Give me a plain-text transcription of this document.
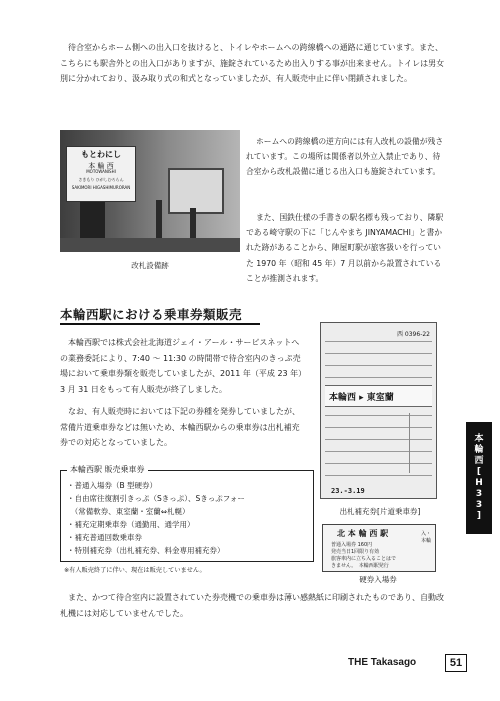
待合室からホーム側への出入口を抜けると、トイレやホームへの跨線橋への通路に通じています。また、こちらにも駅舎外との出入口がありますが、施錠されているため出入りする事が出来ません。トイレは男女別に分かれており、汲み取り式の和式となっていましたが、有人販売中止に伴い閉鎖されました。

もとわにし
本 輪 西
MOTOWANISHI
さきもり ひがしむろらん
SAKIMORI HIGASHIMURORAN
改札設備跡

ホームへの跨線橋の逆方向には有人改札の設備が残されています。この場所は関係者以外立入禁止であり、待合室から改札設備に通じる出入口も施錠されています。

また、国鉄仕様の手書きの駅名標も残っており、隣駅である崎守駅の下に「じんやまち JINYAMACHI」と書かれた跡があることから、陣屋町駅が旅客扱いを行っていた 1970 年（昭和 45 年）7 月以前から設置されていることが推測されます。

本輪西駅における乗車券類販売

本輪西駅では株式会社北海道ジェイ・アール・サービスネットへの業務委託により、7:40 〜 11:30 の時間帯で待合室内のきっぷ売場において乗車券類を販売していましたが、2011 年（平成 23 年）3 月 31 日をもって有人販売が終了しました。

なお、有人販売時においては下記の券種を発券していましたが、常備片道乗車券などは無いため、本輪西駅からの乗車券は出札補充券での対応となっていました。

本輪西駅 販売乗車券
・普通入場券（B 型硬券）
・自由席往復割引きっぷ（Sきっぷ）、Sきっぷフォー
　（常備軟券、東室蘭・室蘭⇔札幌）
・補充定期乗車券（通勤用、通学用）
・補充普通回数乗車券
・特別補充券（出札補充券、料金専用補充券）
※有人販売終了に伴い、現在は販売していません。

また、かつて待合室内に設置されていた券売機での乗車券は薄い感熱紙に印刷されたものであり、自動改札機には対応していませんでした。

西 0396-22
本輪西 ▸ 東室蘭
23.-3.19
出札補充券[片道乗車券]
北 本 輪 西 駅
普通入場券 160円
発売当日1回限り有効
旅客車内に立ち入ることはで
きません。　本輪西駅発行
入・本輪
硬券入場券
本
輪
西
[
H
3
3
]
THE Takasago	51
